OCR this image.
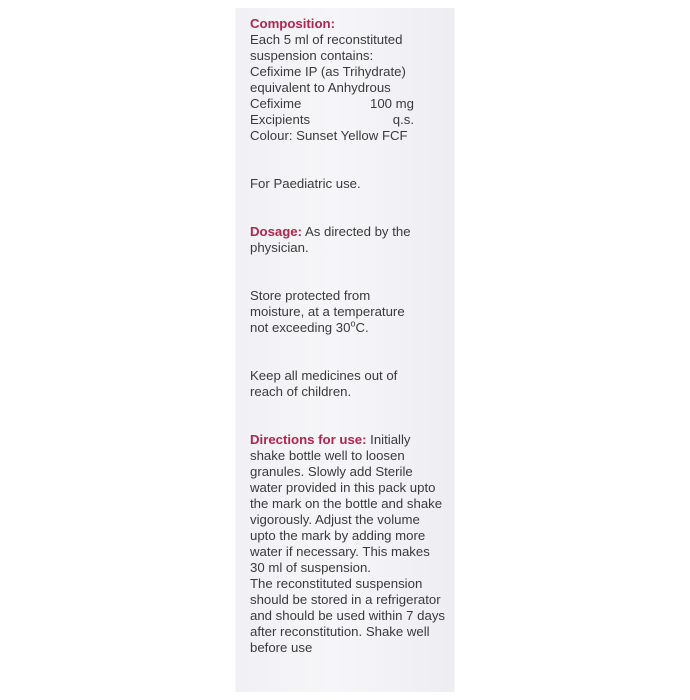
Composition:
Each 5 ml of reconstituted
suspension contains:
Cefixime IP (as Trihydrate)
equivalent to Anhydrous
Cefixime	100 mg
Excipients	q.s.
Colour: Sunset Yellow FCF
For Paediatric use.
Dosage: As directed by the
physician.
Store protected from
moisture, at a temperature
not exceeding 30$^o$C.
Keep all medicines out of
reach of children.
Directions for use: Initially
shake bottle well to loosen
granules. Slowly add Sterile
water provided in this pack upto
the mark on the bottle and shake
vigorously. Adjust the volume
upto the mark by adding more
water if necessary. This makes
30 ml of suspension.
The reconstituted suspension
should be stored in a refrigerator
and should be used within 7 days
after reconstitution. Shake well
before use
